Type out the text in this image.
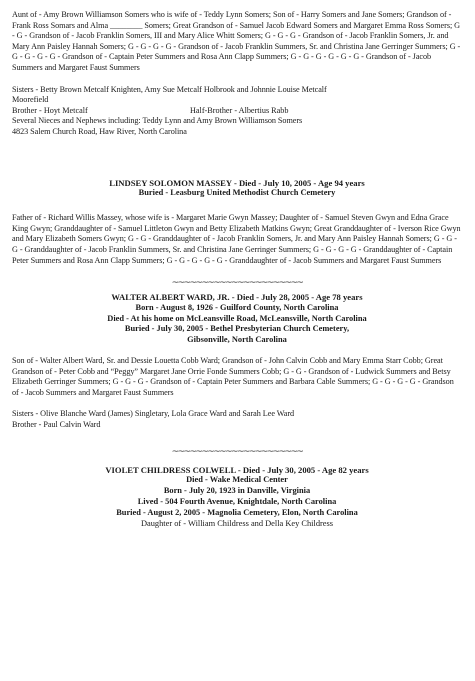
Aunt of - Amy Brown Williamson Somers who is wife of - Teddy Lynn Somers; Son of - Harry Somers and Jane Somers; Grandson of - Frank Ross Somars and Alma ________ Somers; Great Grandson of - Samuel Jacob Edward Somers and Margaret Emma Ross Somers; G - G - Grandson of - Jacob Franklin Somers, III and Mary Alice Whitt Somers; G - G - G - Grandson of - Jacob Franklin Somers, Jr. and Mary Ann Paisley Hannah Somers; G - G - G - G - Grandson of - Jacob Franklin Summers, Sr. and Christina Jane Gerringer Summers; G - G - G - G - G - Grandson of - Captain Peter Summers and Rosa Ann Clapp Summers; G - G - G - G - G - G - Grandson of - Jacob Summers and Margaret Faust Summers

Sisters - Betty Brown Metcalf Knighten, Amy Sue Metcalf Holbrook and Johnnie Louise Metcalf

Moorefield

Brother - Hoyt Metcalf	Half-Brother - Albertius Rabb

Several Nieces and Nephews including: Teddy Lynn and Amy Brown Williamson Somers

4823 Salem Church Road, Haw River, North Carolina

LINDSEY SOLOMON MASSEY - Died - July 10, 2005 - Age 94 years

Buried - Leasburg United Methodist Church Cemetery

Father of - Richard Willis Massey, whose wife is - Margaret Marie Gwyn Massey; Daughter of - Samuel Steven Gwyn and Edna Grace King Gwyn; Granddaughter of - Samuel Littleton Gwyn and Betty Elizabeth Matkins Gwyn; Great Granddaughter of - Iverson Rice Gwyn and Mary Elizabeth Somers Gwyn; G - G - Granddaughter of - Jacob Franklin Somers, Jr. and Mary Ann Paisley Hannah Somers; G - G - G - Granddaughter of - Jacob Franklin Summers, Sr. and Christina Jane Gerringer Summers; G - G - G - G - Granddaughter of - Captain Peter Summers and Rosa Ann Clapp Summers; G - G - G - G - G - Granddaughter of - Jacob Summers and Margaret Faust Summers

~~~~~~~~~~~~~~~~~~~~~~

WALTER ALBERT WARD, JR. - Died - July 28, 2005 - Age 78 years

Born - August 8, 1926 - Guilford County, North Carolina

Died - At his home on McLeansville Road, McLeansville, North Carolina

Buried - July 30, 2005 - Bethel Presbyterian Church Cemetery,

Gibsonville, North Carolina

Son of - Walter Albert Ward, Sr. and Dessie Louetta Cobb Ward; Grandson of - John Calvin Cobb and Mary Emma Starr Cobb; Great Grandson of - Peter Cobb and “Peggy” Margaret Jane Orrie Fonde Summers Cobb; G - G - Grandson of - Ludwick Summers and Betsy Elizabeth Gerringer Summers; G - G - G - Grandson of - Captain Peter Summers and Barbara Cable Summers; G - G - G - G - Grandson of - Jacob Summers and Margaret Faust Summers

Sisters - Olive Blanche Ward (James) Singletary, Lola Grace Ward and Sarah Lee Ward

Brother - Paul Calvin Ward

~~~~~~~~~~~~~~~~~~~~~~

VIOLET CHILDRESS COLWELL - Died - July 30, 2005 - Age 82 years

Died - Wake Medical Center

Born - July 20, 1923 in Danville, Virginia

Lived - 504 Fourth Avenue, Knightdale, North Carolina

Buried - August 2, 2005 - Magnolia Cemetery, Elon, North Carolina

Daughter of - William Childress and Della Key Childress
